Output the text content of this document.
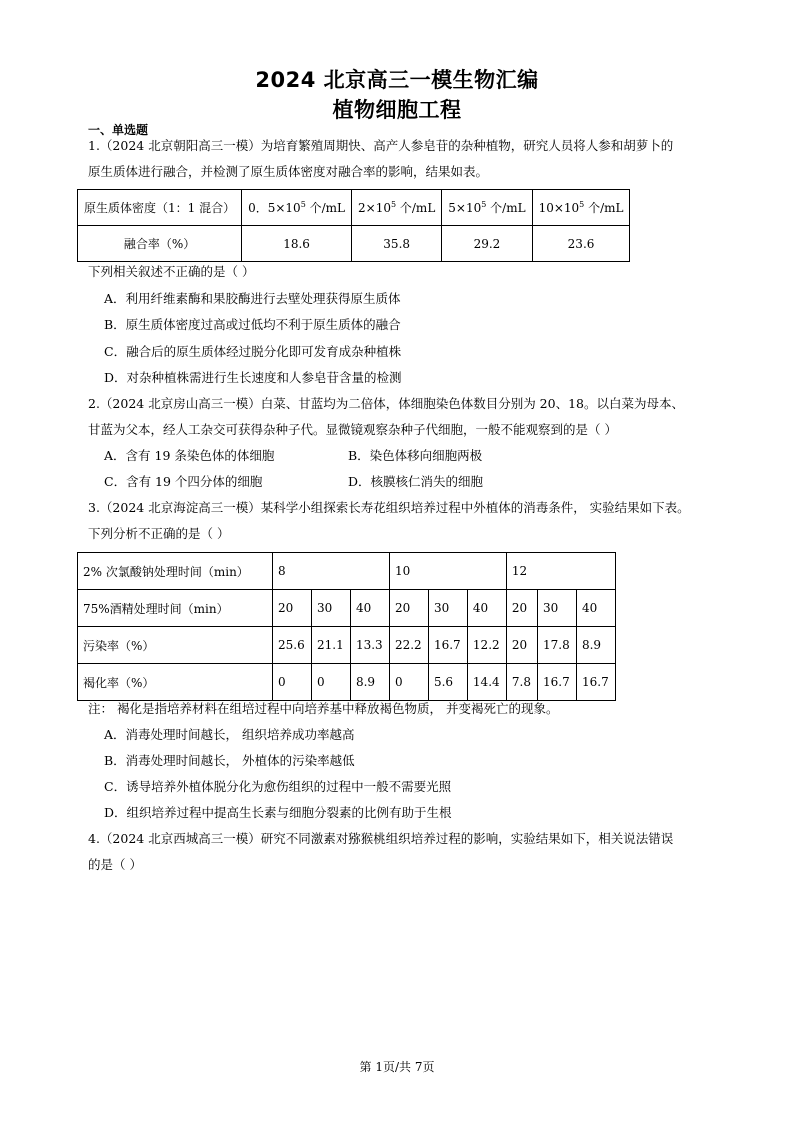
2024 北京高三一模生物汇编
植物细胞工程
一、单选题
1.（2024 北京朝阳高三一模）为培育繁殖周期快、高产人参皂苷的杂种植物，研究人员将人参和胡萝卜的
原生质体进行融合，并检测了原生质体密度对融合率的影响，结果如表。
原生质体密度（1：1 混合）	0．$5\times 10^5$ 个/mL	$2\times 10^5$ 个/mL	$5\times 10^5$ 个/mL	$10\times 10^5$ 个/mL
融合率（%）	18.6	35.8	29.2	23.6
下列相关叙述不正确的是（ ）
A．利用纤维素酶和果胶酶进行去壁处理获得原生质体
B．原生质体密度过高或过低均不利于原生质体的融合
C．融合后的原生质体经过脱分化即可发育成杂种植株
D．对杂种植株需进行生长速度和人参皂苷含量的检测
2.（2024 北京房山高三一模）白菜、甘蓝均为二倍体，体细胞染色体数目分别为 20、18。以白菜为母本、
甘蓝为父本，经人工杂交可获得杂种子代。显微镜观察杂种子代细胞，一般不能观察到的是（ ）
A．含有 19 条染色体的体细胞	B．染色体移向细胞两极
C．含有 19 个四分体的细胞	D．核膜核仁消失的细胞
3.（2024 北京海淀高三一模）某科学小组探索长寿花组织培养过程中外植体的消毒条件， 实验结果如下表。
下列分析不正确的是（ ）
2% 次氯酸钠处理时间（min）	8			10			12		
75%酒精处理时间（min）	20	30	40	20	30	40	20	30	40
污染率（%）	25.6	21.1	13.3	22.2	16.7	12.2	20	17.8	8.9
褐化率（%）	0	0	8.9	0	5.6	14.4	7.8	16.7	16.7
注： 褐化是指培养材料在组培过程中向培养基中释放褐色物质， 并变褐死亡的现象。
A．消毒处理时间越长， 组织培养成功率越高
B．消毒处理时间越长， 外植体的污染率越低
C．诱导培养外植体脱分化为愈伤组织的过程中一般不需要光照
D．组织培养过程中提高生长素与细胞分裂素的比例有助于生根
4.（2024 北京西城高三一模）研究不同激素对猕猴桃组织培养过程的影响，实验结果如下，相关说法错误
的是（ ）
第 1页/共 7页
